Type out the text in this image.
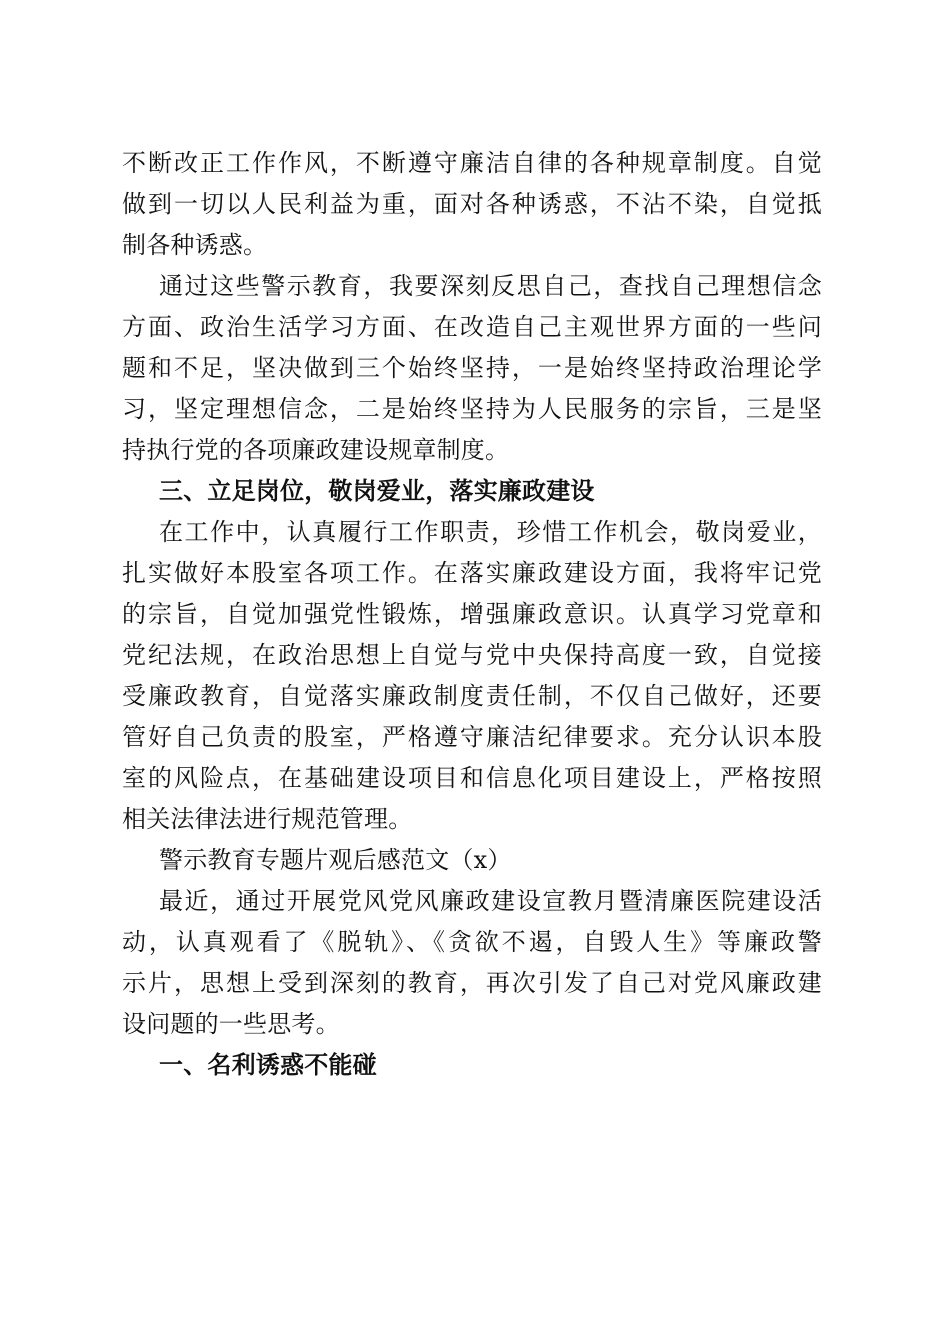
不断改正工作作风，不断遵守廉洁自律的各种规章制度。自觉
做到一切以人民利益为重，面对各种诱惑，不沾不染，自觉抵
制各种诱惑。
通过这些警示教育，我要深刻反思自己，查找自己理想信念
方面、政治生活学习方面、在改造自己主观世界方面的一些问
题和不足，坚决做到三个始终坚持，一是始终坚持政治理论学
习，坚定理想信念，二是始终坚持为人民服务的宗旨，三是坚
持执行党的各项廉政建设规章制度。
三、立足岗位，敬岗爱业，落实廉政建设
在工作中，认真履行工作职责，珍惜工作机会，敬岗爱业，
扎实做好本股室各项工作。在落实廉政建设方面，我将牢记党
的宗旨，自觉加强党性锻炼，增强廉政意识。认真学习党章和
党纪法规，在政治思想上自觉与党中央保持高度一致，自觉接
受廉政教育，自觉落实廉政制度责任制，不仅自己做好，还要
管好自己负责的股室，严格遵守廉洁纪律要求。充分认识本股
室的风险点，在基础建设项目和信息化项目建设上，严格按照
相关法律法进行规范管理。
警示教育专题片观后感范文（x）
最近，通过开展党风党风廉政建设宣教月暨清廉医院建设活
动，认真观看了《脱轨》、《贪欲不遏，自毁人生》等廉政警
示片，思想上受到深刻的教育，再次引发了自己对党风廉政建
设问题的一些思考。
一、名利诱惑不能碰
